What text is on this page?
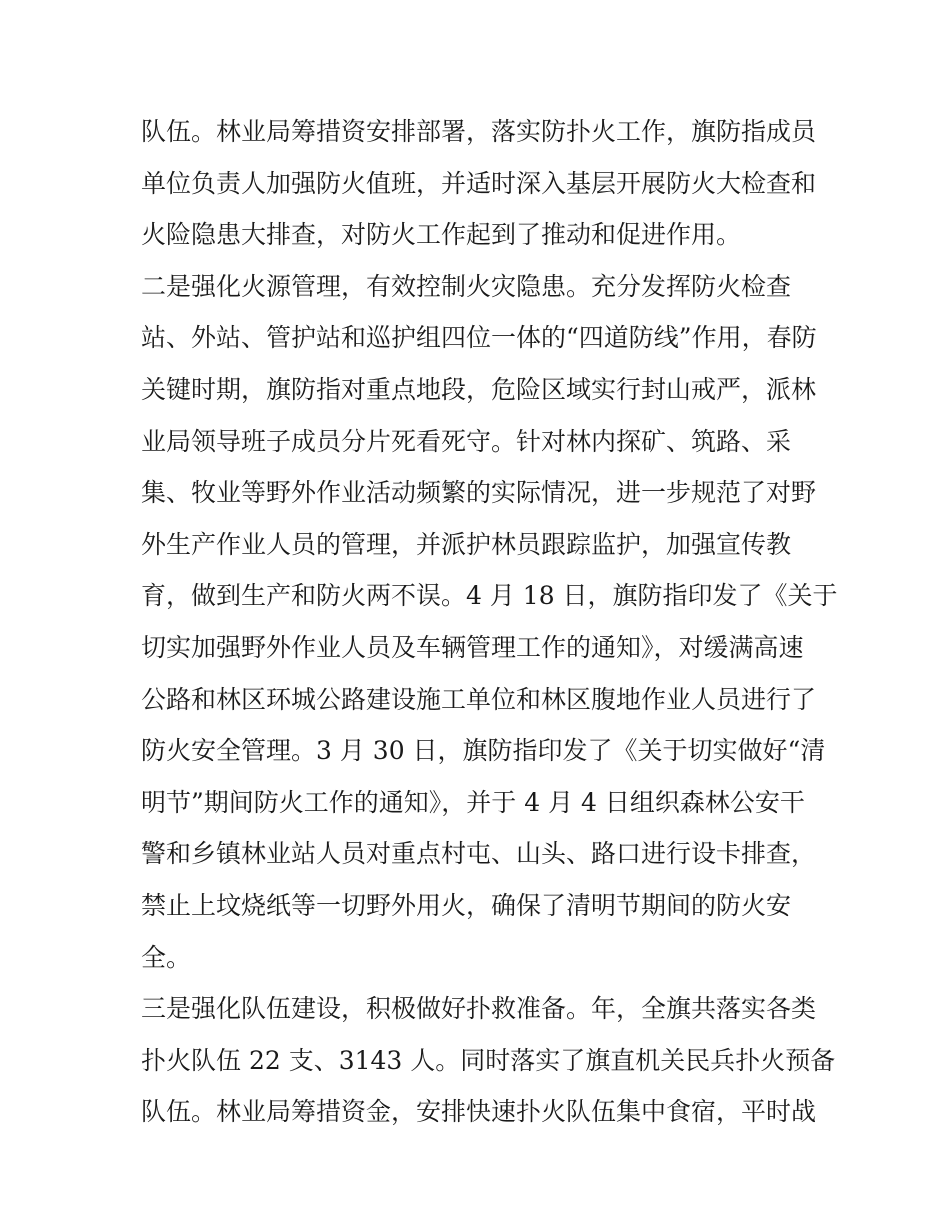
队伍。林业局筹措资安排部署，落实防扑火工作，旗防指成员
单位负责人加强防火值班，并适时深入基层开展防火大检查和
火险隐患大排查，对防火工作起到了推动和促进作用。
二是强化火源管理，有效控制火灾隐患。充分发挥防火检查
站、外站、管护站和巡护组四位一体的“四道防线”作用，春防
关键时期，旗防指对重点地段，危险区域实行封山戒严，派林
业局领导班子成员分片死看死守。针对林内探矿、筑路、采
集、牧业等野外作业活动频繁的实际情况，进一步规范了对野
外生产作业人员的管理，并派护林员跟踪监护，加强宣传教
育，做到生产和防火两不误。4 月 18 日，旗防指印发了《关于
切实加强野外作业人员及车辆管理工作的通知》，对缓满高速
公路和林区环城公路建设施工单位和林区腹地作业人员进行了
防火安全管理。3 月 30 日，旗防指印发了《关于切实做好“清
明节”期间防火工作的通知》，并于 4 月 4 日组织森林公安干
警和乡镇林业站人员对重点村屯、山头、路口进行设卡排查，
禁止上坟烧纸等一切野外用火，确保了清明节期间的防火安
全。
三是强化队伍建设，积极做好扑救准备。年，全旗共落实各类
扑火队伍 22 支、3143 人。同时落实了旗直机关民兵扑火预备
队伍。林业局筹措资金，安排快速扑火队伍集中食宿，平时战
